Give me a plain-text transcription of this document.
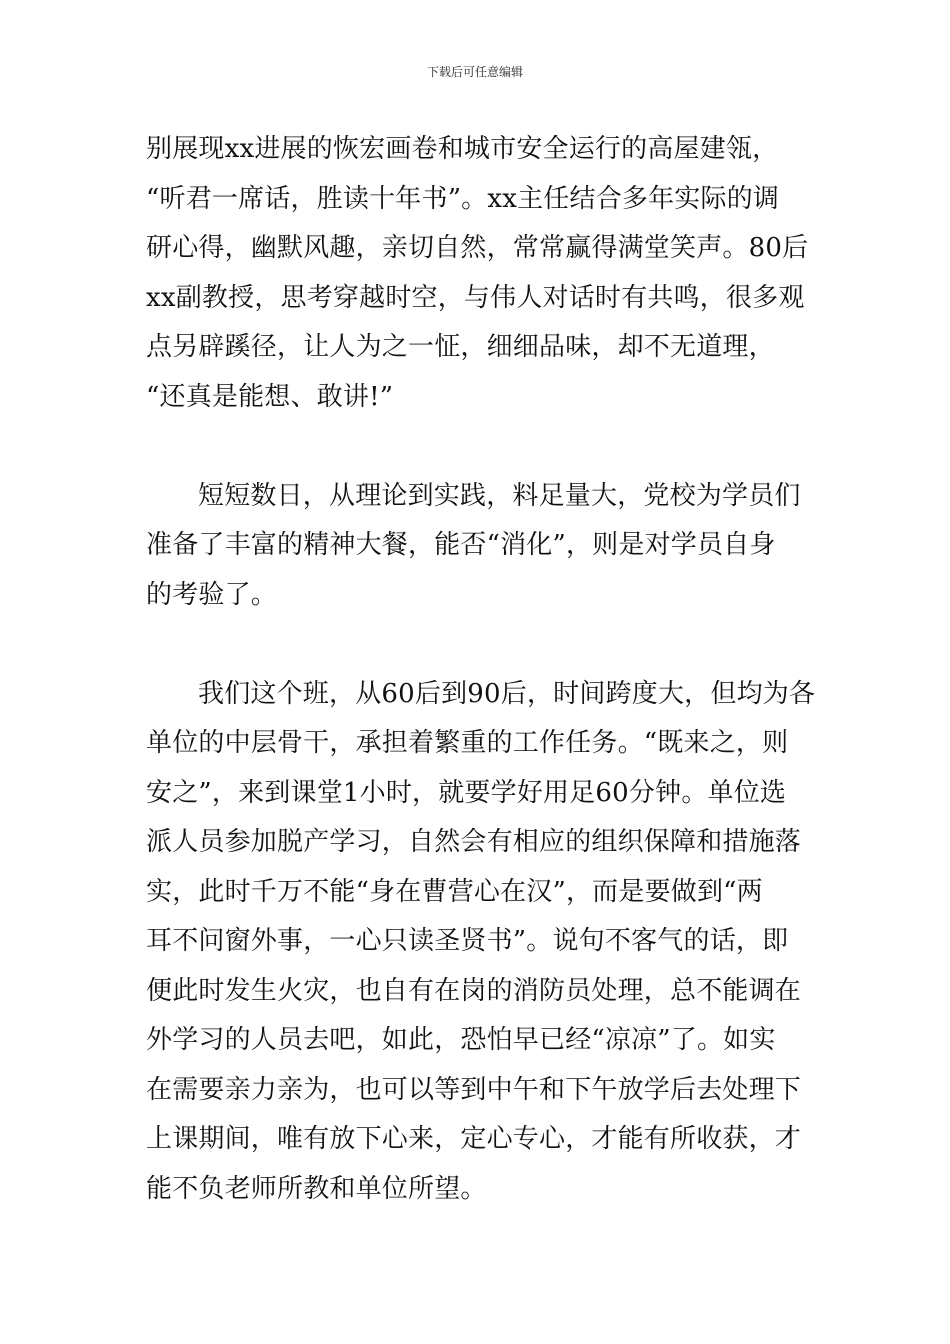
下载后可任意编辑

别展现xx进展的恢宏画卷和城市安全运行的高屋建瓴，
“听君一席话，胜读十年书”。xx主任结合多年实际的调
研心得，幽默风趣，亲切自然，常常赢得满堂笑声。80后
xx副教授，思考穿越时空，与伟人对话时有共鸣，很多观
点另辟蹊径，让人为之一怔，细细品味，却不无道理，
“还真是能想、敢讲!”

短短数日，从理论到实践，料足量大，党校为学员们
准备了丰富的精神大餐，能否“消化”，则是对学员自身
的考验了。

我们这个班，从60后到90后，时间跨度大，但均为各
单位的中层骨干，承担着繁重的工作任务。“既来之，则
安之”，来到课堂1小时，就要学好用足60分钟。单位选
派人员参加脱产学习，自然会有相应的组织保障和措施落
实，此时千万不能“身在曹营心在汉”，而是要做到“两
耳不问窗外事，一心只读圣贤书”。说句不客气的话，即
便此时发生火灾，也自有在岗的消防员处理，总不能调在
外学习的人员去吧，如此，恐怕早已经“凉凉”了。如实
在需要亲力亲为，也可以等到中午和下午放学后去处理下
上课期间，唯有放下心来，定心专心，才能有所收获，才
能不负老师所教和单位所望。
